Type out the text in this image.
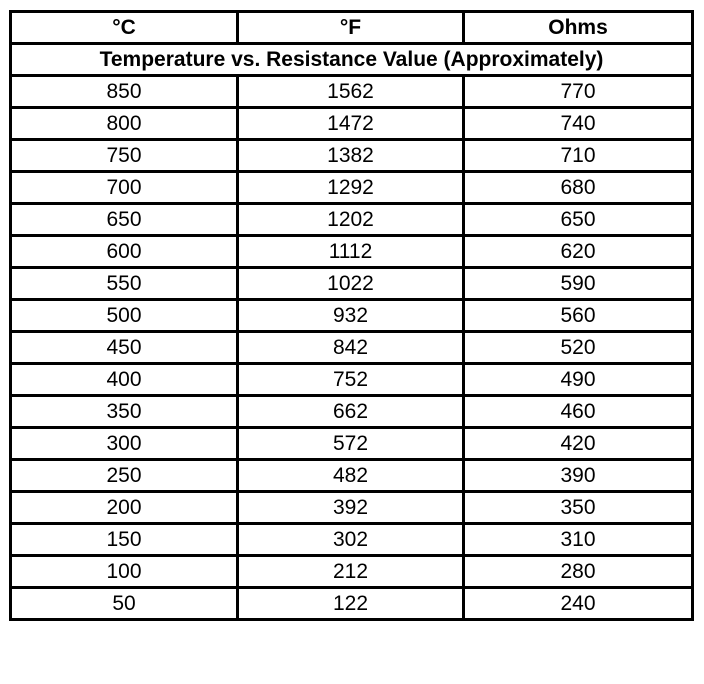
°C	°F	Ohms
Temperature vs. Resistance Value (Approximately)		
850	1562	770
800	1472	740
750	1382	710
700	1292	680
650	1202	650
600	1112	620
550	1022	590
500	932	560
450	842	520
400	752	490
350	662	460
300	572	420
250	482	390
200	392	350
150	302	310
100	212	280
50	122	240
